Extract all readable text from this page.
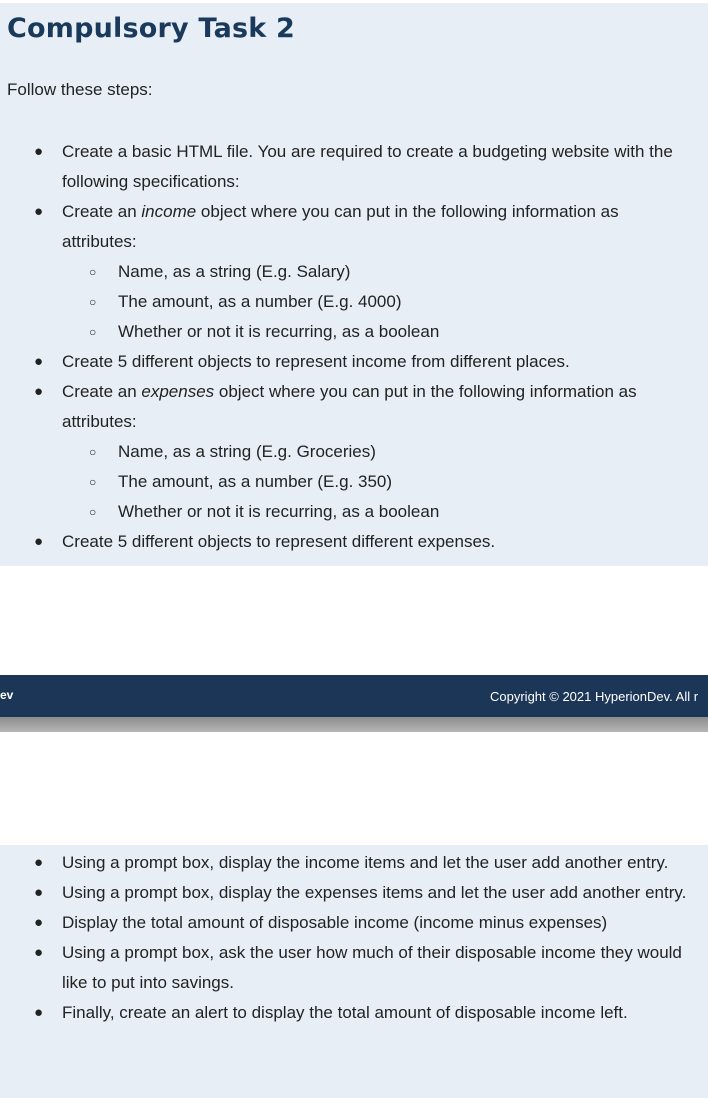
Compulsory Task 2

Follow these steps:

● Create a basic HTML file. You are required to create a budgeting website with the following specifications:
● Create an income object where you can put in the following information as attributes:
○ Name, as a string (E.g. Salary)
○ The amount, as a number (E.g. 4000)
○ Whether or not it is recurring, as a boolean
● Create 5 different objects to represent income from different places.
● Create an expenses object where you can put in the following information as attributes:
○ Name, as a string (E.g. Groceries)
○ The amount, as a number (E.g. 350)
○ Whether or not it is recurring, as a boolean
● Create 5 different objects to represent different expenses.
ev	Copyright © 2021 HyperionDev. All r
● Using a prompt box, display the income items and let the user add another entry.
● Using a prompt box, display the expenses items and let the user add another entry.
● Display the total amount of disposable income (income minus expenses)
● Using a prompt box, ask the user how much of their disposable income they would like to put into savings.
● Finally, create an alert to display the total amount of disposable income left.
